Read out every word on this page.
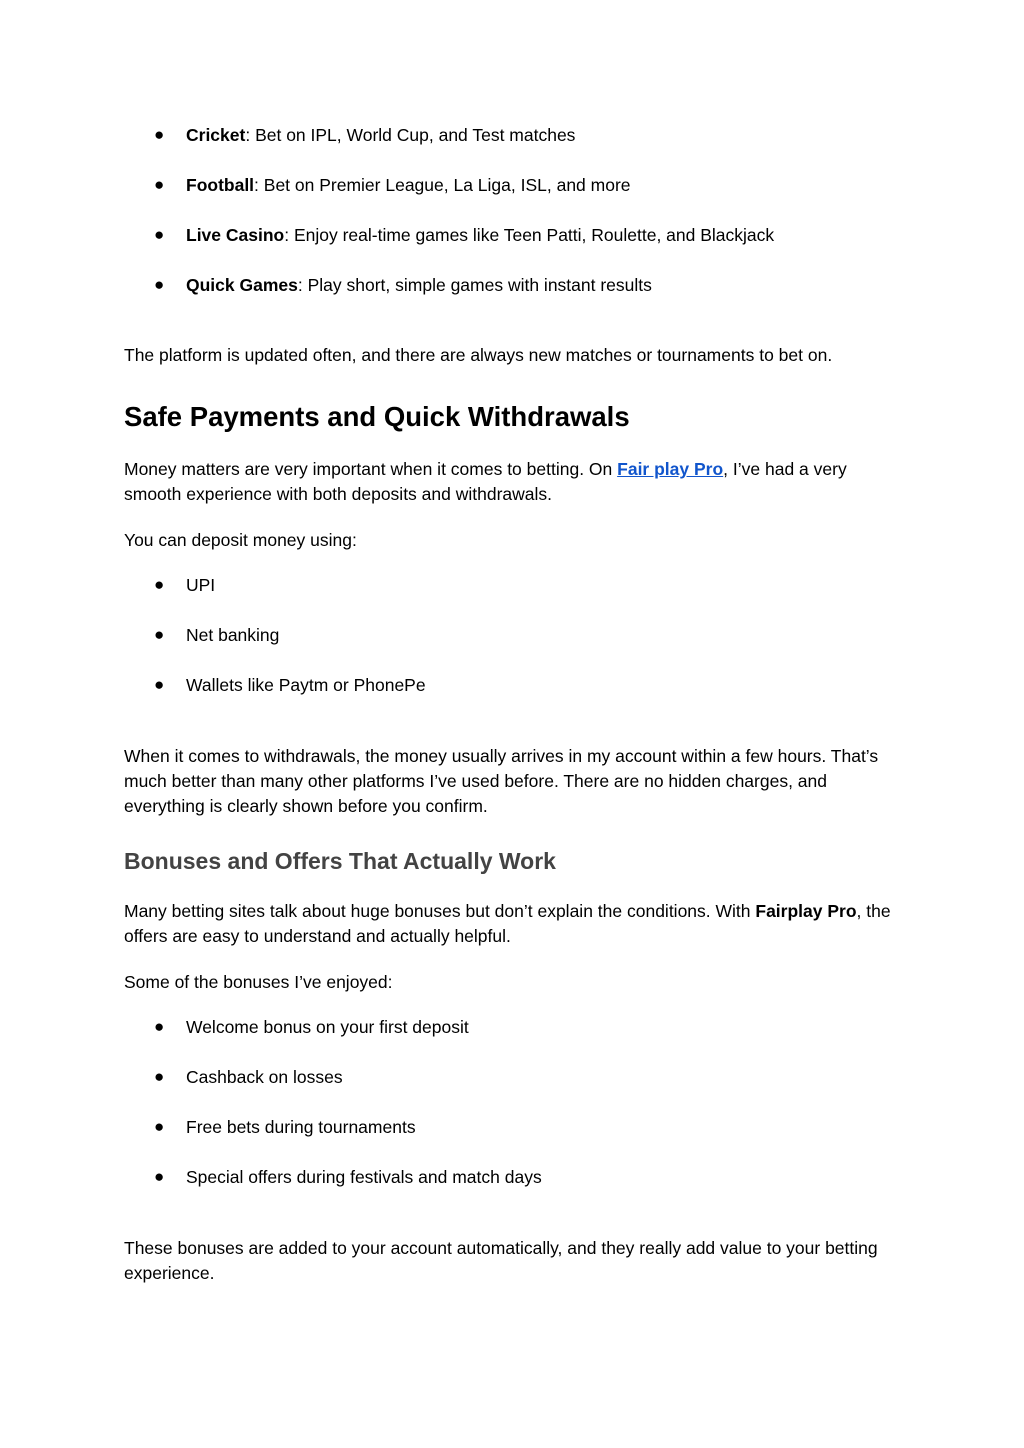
● Cricket: Bet on IPL, World Cup, and Test matches
● Football: Bet on Premier League, La Liga, ISL, and more
● Live Casino: Enjoy real-time games like Teen Patti, Roulette, and Blackjack
● Quick Games: Play short, simple games with instant results

The platform is updated often, and there are always new matches or tournaments to bet on.

Safe Payments and Quick Withdrawals

Money matters are very important when it comes to betting. On Fair play Pro, I’ve had a very smooth experience with both deposits and withdrawals.

You can deposit money using:

● UPI
● Net banking
● Wallets like Paytm or PhonePe

When it comes to withdrawals, the money usually arrives in my account within a few hours. That’s much better than many other platforms I’ve used before. There are no hidden charges, and everything is clearly shown before you confirm.

Bonuses and Offers That Actually Work

Many betting sites talk about huge bonuses but don’t explain the conditions. With Fairplay Pro, the offers are easy to understand and actually helpful.

Some of the bonuses I’ve enjoyed:

● Welcome bonus on your first deposit
● Cashback on losses
● Free bets during tournaments
● Special offers during festivals and match days

These bonuses are added to your account automatically, and they really add value to your betting experience.
